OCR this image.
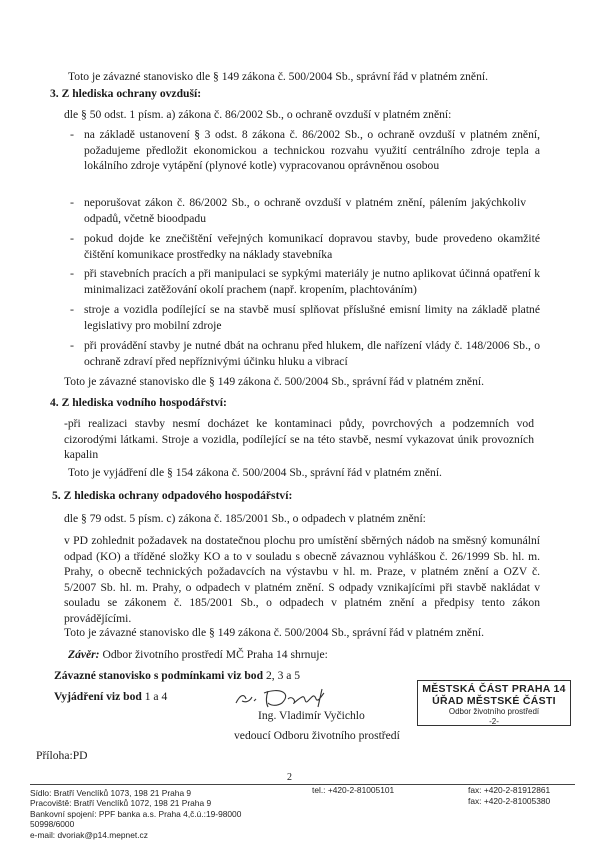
Toto je závazné stanovisko dle § 149 zákona č. 500/2004 Sb., správní řád v platném znění.
3. Z hlediska ochrany ovzduší:
dle § 50 odst. 1 písm. a) zákona č. 86/2002 Sb., o ochraně ovzduší v platném znění:
- na základě ustanovení § 3 odst. 8 zákona č. 86/2002 Sb., o ochraně ovzduší v platném znění, požadujeme předložit ekonomickou a technickou rozvahu využití centrálního zdroje tepla a lokálního zdroje vytápění (plynové kotle) vypracovanou oprávněnou osobou
- neporušovat zákon č. 86/2002 Sb., o ochraně ovzduší v platném znění, pálením jakýchkoliv odpadů, včetně bioodpadu
- pokud dojde ke znečištění veřejných komunikací dopravou stavby, bude provedeno okamžité čištění komunikace prostředky na náklady stavebníka
- při stavebních pracích a při manipulaci se sypkými materiály je nutno aplikovat účinná opatření k minimalizaci zatěžování okolí prachem (např. kropením, plachtováním)
- stroje a vozidla podílející se na stavbě musí splňovat příslušné emisní limity na základě platné legislativy pro mobilní zdroje
- při provádění stavby je nutné dbát na ochranu před hlukem, dle nařízení vlády č. 148/2006 Sb., o ochraně zdraví před nepříznivými účinku hluku a vibrací
Toto je závazné stanovisko dle § 149 zákona č. 500/2004 Sb., správní řád v platném znění.
4. Z hlediska vodního hospodářství:
-při realizaci stavby nesmí docházet ke kontaminaci půdy, povrchových a podzemních vod cizorodými látkami. Stroje a vozidla, podílející se na této stavbě, nesmí vykazovat únik provozních kapalin
Toto je vyjádření dle § 154 zákona č. 500/2004 Sb., správní řád v platném znění.
5. Z hlediska ochrany odpadového hospodářství:
dle § 79 odst. 5 písm. c) zákona č. 185/2001 Sb., o odpadech v platném znění:
v PD zohlednit požadavek na dostatečnou plochu pro umístění sběrných nádob na směsný komunální odpad (KO) a tříděné složky KO a to v souladu s obecně závaznou vyhláškou č. 26/1999 Sb. hl. m. Prahy, o obecně technických požadavcích na výstavbu v hl. m. Praze, v platném znění a OZV č. 5/2007 Sb. hl. m. Prahy, o odpadech v platném znění. S odpady vznikajícími při stavbě nakládat v souladu se zákonem č. 185/2001 Sb., o odpadech v platném znění a předpisy tento zákon provádějícími.
Toto je závazné stanovisko dle § 149 zákona č. 500/2004 Sb., správní řád v platném znění.
Závěr: Odbor životního prostředí MČ Praha 14 shrnuje:
Závazné stanovisko s podmínkami viz bod 2, 3 a 5
Vyjádření viz bod 1 a 4
Ing. Vladimír Vyčichlo
vedoucí Odboru životního prostředí
MĚSTSKÁ ČÁST PRAHA 14
ÚŘAD MĚSTSKÉ ČÁSTI
Odbor životního prostředí
-2-
Příloha:PD
2
Sídlo: Bratří Venclíků 1073, 198 21 Praha 9
Pracoviště: Bratří Venclíků 1072, 198 21 Praha 9
Bankovní spojení: PPF banka a.s. Praha 4,č.ú.:19-98000
50998/6000
e-mail: dvoriak@p14.mepnet.cz
tel.: +420-2-81005101	fax: +420-2-81912861
fax: +420-2-81005380
